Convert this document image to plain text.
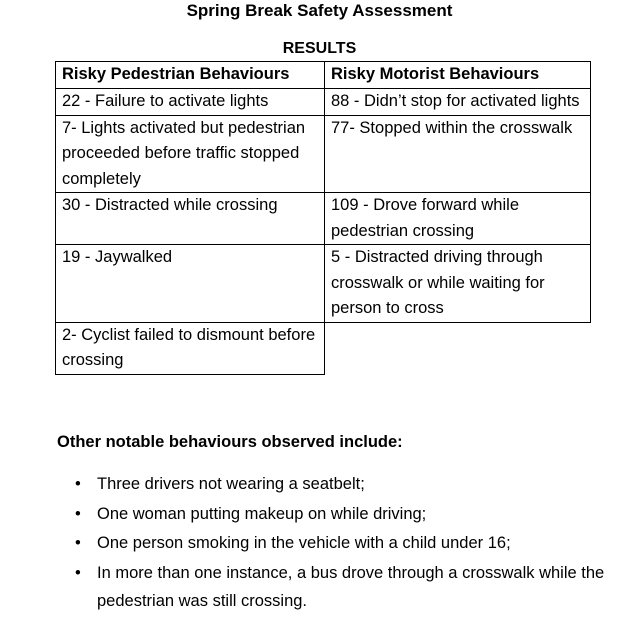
Spring Break Safety Assessment
RESULTS
Risky Pedestrian Behaviours	Risky Motorist Behaviours
22 - Failure to activate lights	88 - Didn’t stop for activated lights
7- Lights activated but pedestrian proceeded before traffic stopped completely	77- Stopped within the crosswalk
30 - Distracted while crossing	109 - Drove forward while pedestrian crossing
19 - Jaywalked	5 - Distracted driving through crosswalk or while waiting for person to cross
2- Cyclist failed to dismount before crossing	
Other notable behaviours observed include:
• Three drivers not wearing a seatbelt;
• One woman putting makeup on while driving;
• One person smoking in the vehicle with a child under 16;
• In more than one instance, a bus drove through a crosswalk while the pedestrian was still crossing.
